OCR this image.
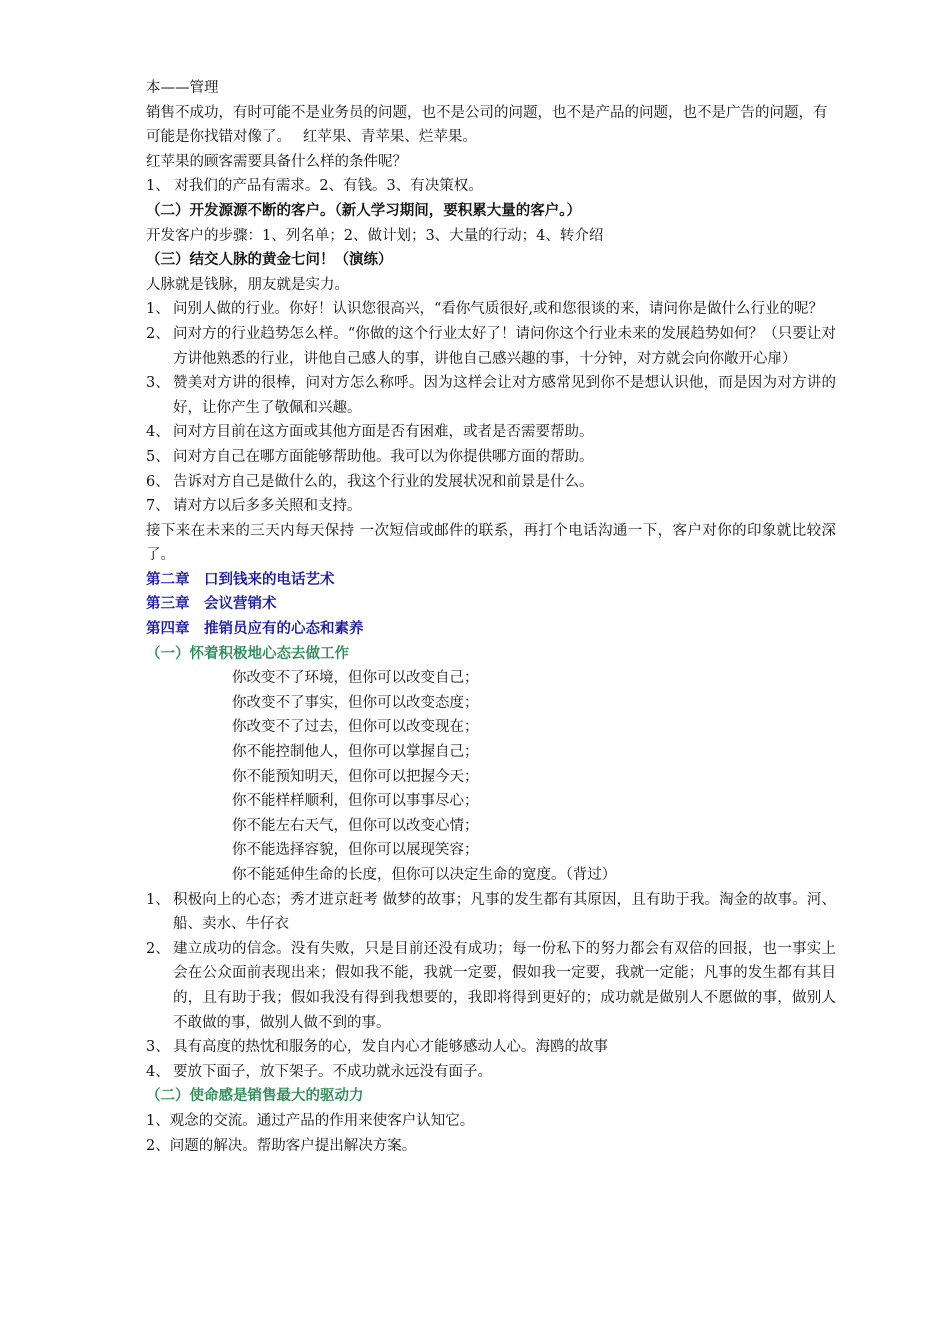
本——管理

销售不成功，有时可能不是业务员的问题，也不是公司的问题，也不是产品的问题，也不是广告的问题，有可能是你找错对像了。　 红苹果、青苹果、烂苹果。

红苹果的顾客需要具备什么样的条件呢？

1、 对我们的产品有需求。2、有钱。3、有决策权。

（二）开发源源不断的客户。（新人学习期间，要积累大量的客户。）

开发客户的步骤：1、列名单；2、做计划；3、大量的行动；4、转介绍

（三）结交人脉的黄金七问！（演练）

人脉就是钱脉，朋友就是实力。

1、 问别人做的行业。你好！认识您很高兴，“看你气质很好,或和您很谈的来，请问你是做什么行业的呢？
2、 问对方的行业趋势怎么样。“你做的这个行业太好了！请问你这个行业未来的发展趋势如何？（只要让对方讲他熟悉的行业，讲他自己感人的事，讲他自己感兴趣的事，十分钟，对方就会向你敞开心扉）
3、 赞美对方讲的很棒，问对方怎么称呼。因为这样会让对方感常见到你不是想认识他，而是因为对方讲的好，让你产生了敬佩和兴趣。
4、 问对方目前在这方面或其他方面是否有困难，或者是否需要帮助。
5、 问对方自己在哪方面能够帮助他。我可以为你提供哪方面的帮助。
6、 告诉对方自己是做什么的，我这个行业的发展状况和前景是什么。
7、 请对方以后多多关照和支持。

接下来在未来的三天内每天保持 一次短信或邮件的联系，再打个电话沟通一下，客户对你的印象就比较深了。

第二章　口到钱来的电话艺术

第三章　会议营销术

第四章　推销员应有的心态和素养

（一）怀着积极地心态去做工作

你改变不了环境，但你可以改变自己；

你改变不了事实，但你可以改变态度；

你改变不了过去，但你可以改变现在；

你不能控制他人，但你可以掌握自己；

你不能预知明天，但你可以把握今天；

你不能样样顺利，但你可以事事尽心；

你不能左右天气，但你可以改变心情；

你不能选择容貌，但你可以展现笑容；

你不能延伸生命的长度，但你可以决定生命的宽度。（背过）

1、 积极向上的心态；秀才进京赶考 做梦的故事；凡事的发生都有其原因，且有助于我。淘金的故事。河、船、卖水、牛仔衣
2、 建立成功的信念。没有失败，只是目前还没有成功；每一份私下的努力都会有双倍的回报，也一事实上会在公众面前表现出来；假如我不能，我就一定要，假如我一定要，我就一定能；凡事的发生都有其目的，且有助于我；假如我没有得到我想要的，我即将得到更好的；成功就是做别人不愿做的事，做别人不敢做的事，做别人做不到的事。
3、 具有高度的热忱和服务的心，发自内心才能够感动人心。海鸥的故事
4、 要放下面子，放下架子。不成功就永远没有面子。

（二）使命感是销售最大的驱动力

1、观念的交流。通过产品的作用来使客户认知它。

2、问题的解决。帮助客户提出解决方案。
